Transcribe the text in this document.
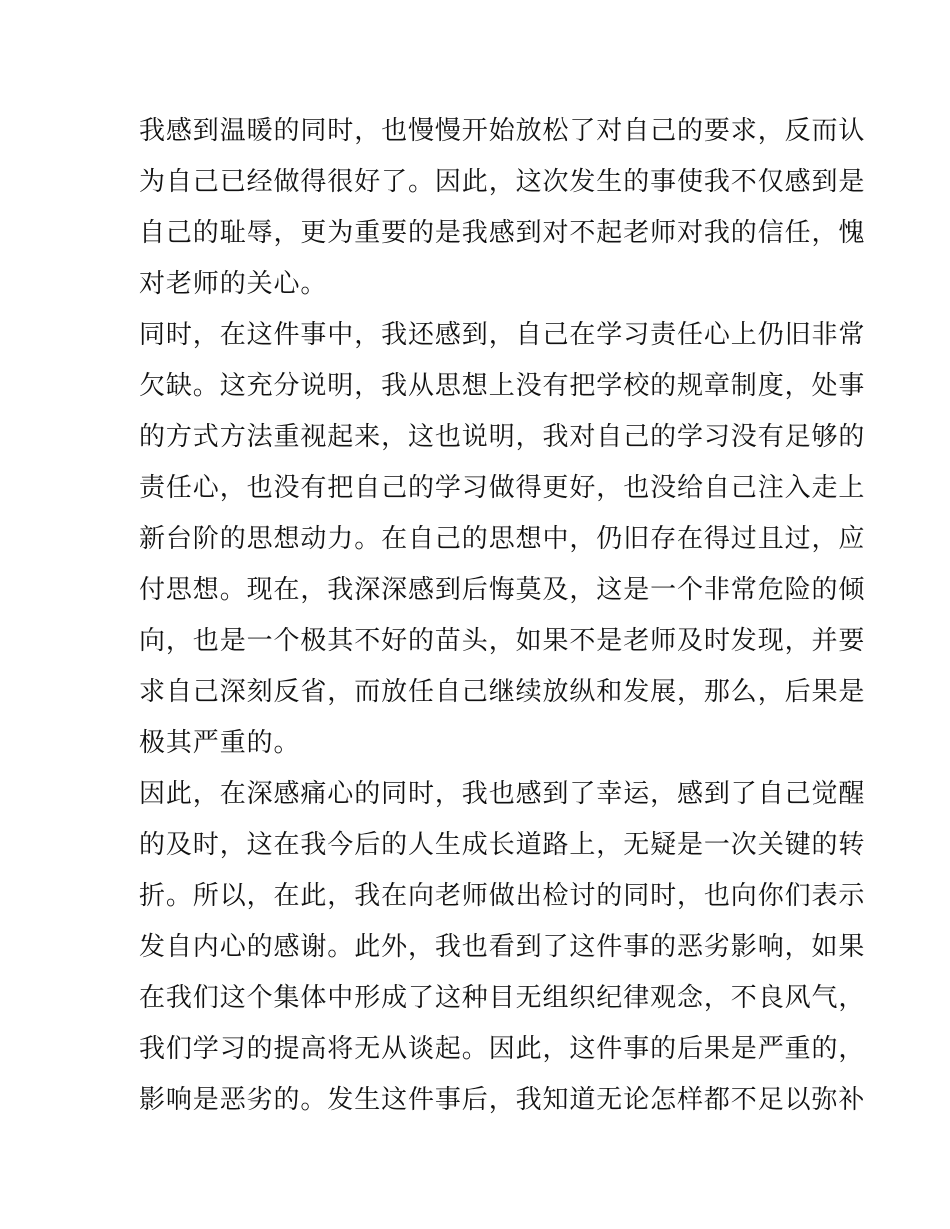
我感到温暖的同时，也慢慢开始放松了对自己的要求，反而认
为自己已经做得很好了。因此，这次发生的事使我不仅感到是
自己的耻辱，更为重要的是我感到对不起老师对我的信任，愧
对老师的关心。
同时，在这件事中，我还感到，自己在学习责任心上仍旧非常
欠缺。这充分说明，我从思想上没有把学校的规章制度，处事
的方式方法重视起来，这也说明，我对自己的学习没有足够的
责任心，也没有把自己的学习做得更好，也没给自己注入走上
新台阶的思想动力。在自己的思想中，仍旧存在得过且过，应
付思想。现在，我深深感到后悔莫及，这是一个非常危险的倾
向，也是一个极其不好的苗头，如果不是老师及时发现，并要
求自己深刻反省，而放任自己继续放纵和发展，那么，后果是
极其严重的。
因此，在深感痛心的同时，我也感到了幸运，感到了自己觉醒
的及时，这在我今后的人生成长道路上，无疑是一次关键的转
折。所以，在此，我在向老师做出检讨的同时，也向你们表示
发自内心的感谢。此外，我也看到了这件事的恶劣影响，如果
在我们这个集体中形成了这种目无组织纪律观念，不良风气，
我们学习的提高将无从谈起。因此，这件事的后果是严重的，
影响是恶劣的。发生这件事后，我知道无论怎样都不足以弥补
